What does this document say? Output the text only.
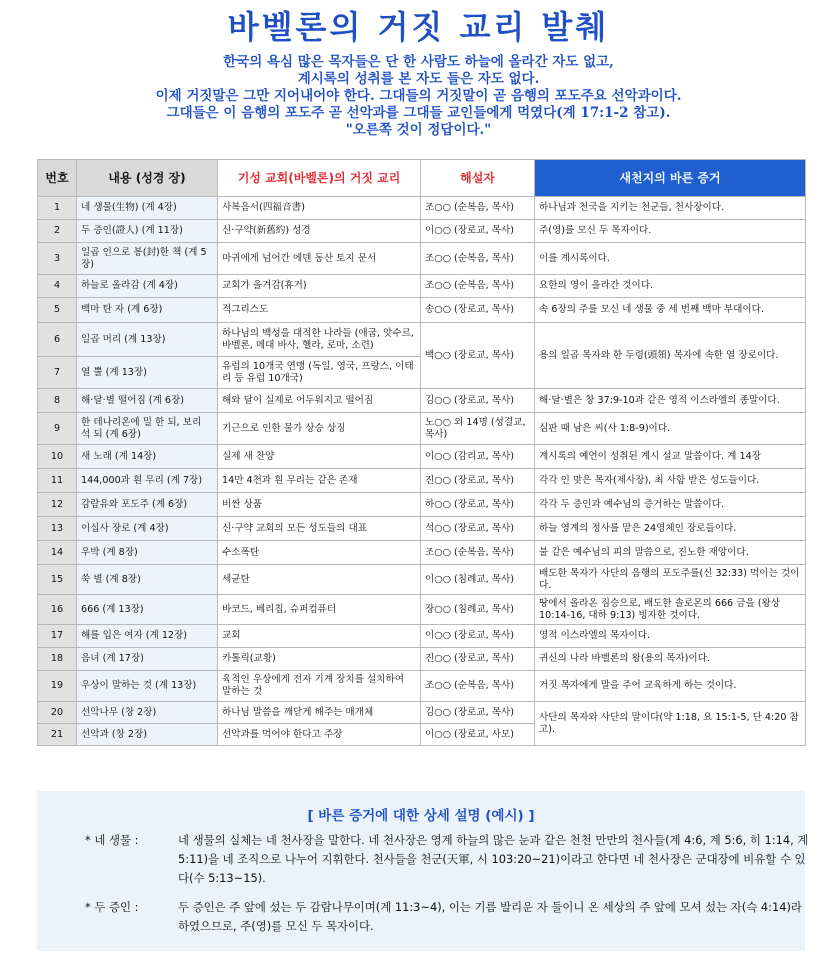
바벨론의 거짓 교리 발췌
한국의 욕심 많은 목자들은 단 한 사람도 하늘에 올라간 자도 없고,
계시록의 성취를 본 자도 들은 자도 없다.
이제 거짓말은 그만 지어내어야 한다. 그대들의 거짓말이 곧 음행의 포도주요 선악과이다.
그대들은 이 음행의 포도주 곧 선악과를 그대들 교인들에게 먹였다(계 17:1-2 참고).
"오른쪽 것이 정답이다."
번호	내용 (성경 장)	기성 교회(바벨론)의 거짓 교리	해설자	새천지의 바른 증거
1	네 생물(生物) (계 4장)	사복음서(四福音書)	조○○ (순복음, 목사)	하나님과 천국을 지키는 천군들, 천사장이다.
2	두 증인(證人) (계 11장)	신·구약(新舊約) 성경	이○○ (장로교, 목사)	주(영)를 모신 두 목자이다.
3	일곱 인으로 봉(封)한 책 (계 5장)	마귀에게 넘어간 에덴 동산 토지 문서	조○○ (순복음, 목사)	이를 계시록이다.
4	하늘로 올라감 (계 4장)	교회가 올겨감(휴거)	조○○ (순복음, 목사)	요한의 영이 올라간 것이다.
5	백마 탄 자 (계 6장)	적그리스도	송○○ (장로교, 목사)	속 6장의 주를 모신 네 생물 중 세 번째 백마 부대이다.
6	일곱 머리 (계 13장)	하나님의 백성을 대적한 나라들 (애굽, 앗수르, 바벨론, 메대 바사, 헬라, 로마, 소련)	백○○ (장로교, 목사)	용의 일곱 목자와 한 두령(頭領) 목자에 속한 열 장로이다.
7	열 뿔 (계 13장)	유럽의 10개국 연맹 (독일, 영국, 프랑스, 이태리 등 유럽 10개국)		
8	해·달·별 떨어짐 (계 6장)	해와 달이 실제로 어두워지고 떨어짐	김○○ (장로교, 목사)	해·달·별은 창 37:9-10과 같은 영적 이스라엘의 종말이다.
9	한 데나리온에 밀 한 되, 보리 석 되 (계 6장)	기근으로 인한 물가 상승 상징	노○○ 외 14명 (성결교, 목사)	심판 때 남은 씨(사 1:8-9)이다.
10	새 노래 (계 14장)	실제 새 찬양	이○○ (감리교, 목사)	계시록의 예언이 성취된 계시 설교 말씀이다. 계 14장
11	144,000과 흰 무리 (계 7장)	14만 4천과 흰 무리는 같은 존재	진○○ (장로교, 목사)	각각 인 맞은 목자(제사장), 최 사함 받은 성도들이다.
12	감람유와 포도주 (계 6장)	비싼 상품	하○○ (장로교, 목사)	각각 두 증인과 예수님의 증거하는 말씀이다.
13	이십사 장로 (계 4장)	신·구약 교회의 모든 성도들의 대표	석○○ (장로교, 목사)	하늘 영계의 정사를 맡은 24영체인 장로들이다.
14	우박 (계 8장)	수소폭탄	조○○ (순복음, 목사)	불 같은 예수님의 피의 말씀으로, 진노한 재앙이다.
15	쑥 별 (계 8장)	세균탄	이○○ (침례교, 목사)	배도한 목자가 사단의 음행의 포도주를(신 32:33) 먹이는 것이다.
16	666 (계 13장)	바코드, 베리칩, 슈퍼컴퓨터	장○○ (침례교, 목사)	땅에서 올라온 짐승으로, 배도한 솔로몬의 666 금을 (왕상 10:14-16, 대하 9:13) 빙자한 것이다.
17	해를 입은 여자 (계 12장)	교회	이○○ (장로교, 목사)	영적 이스라엘의 목자이다.
18	음녀 (계 17장)	카톨릭(교황)	진○○ (장로교, 목사)	귀신의 나라 바벨론의 왕(용의 목자)이다.
19	우상이 말하는 것 (계 13장)	육적인 우상에게 전자 기계 장치를 설치하여 말하는 것	조○○ (순복음, 목사)	거짓 목자에게 말을 주어 교육하게 하는 것이다.
20	선악나무 (창 2장)	하나님 말씀을 깨닫게 해주는 매개체	김○○ (장로교, 목사)	사단의 목자와 사단의 말이다(약 1:18, 요 15:1-5, 단 4:20 참고).
21	선악과 (창 2장)	선악과를 먹어야 한다고 주장	이○○ (장로교, 사모)	
[ 바른 증거에 대한 상세 설명 (예시) ]
* 네 생물 :	네 생물의 실체는 네 천사장을 말한다. 네 천사장은 영계 하늘의 많은 눈과 같은 천천 만만의 천사들(계 4:6, 계 5:6, 히 1:14, 계 5:11)을 네 조직으로 나누어 지휘한다. 천사들을 천군(天軍, 시 103:20~21)이라고 한다면 네 천사장은 군대장에 비유할 수 있다(수 5:13~15).
* 두 증인 :	두 증인은 주 앞에 섰는 두 감람나무이며(계 11:3~4), 이는 기름 발리운 자 둘이니 온 세상의 주 앞에 모셔 섰는 자(슥 4:14)라 하였으므로, 주(영)를 모신 두 목자이다.
